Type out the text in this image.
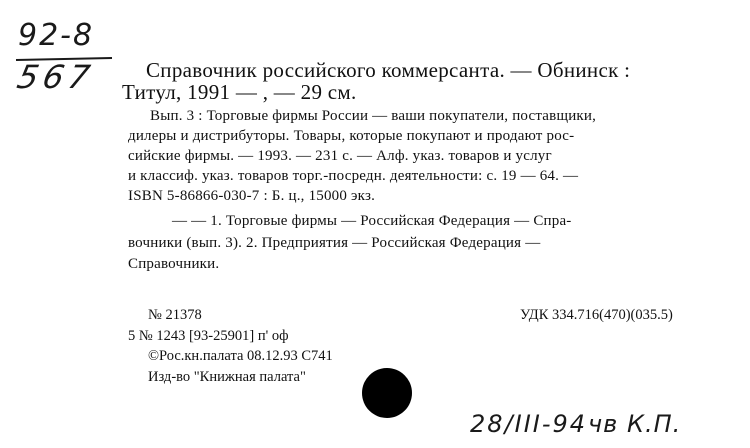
92-8
567 Справочник российского коммерсанта. — Обнинск :
Титул, 1991 — , — 29 см.
Вып. 3 : Торговые фирмы России — ваши покупатели, поставщики,
дилеры и дистрибуторы. Товары, которые покупают и продают рос-
сийские фирмы. — 1993. — 231 с. — Алф. указ. товаров и услуг
и классиф. указ. товаров торг.-посредн. деятельности: с. 19 — 64. —
ISBN 5-86866-030-7 : Б. ц., 15000 экз.
— — 1. Торговые фирмы — Российская Федерация — Спра-
вочники (вып. 3). 2. Предприятия — Российская Федерация —
Справочники.
№ 21378	УДК 334.716(470)(035.5)
5 № 1243 [93-25901] п' оф
©Рос.кн.палата 08.12.93 С741
Изд-во "Книжная палата"
28/III-94 чв К.П.
